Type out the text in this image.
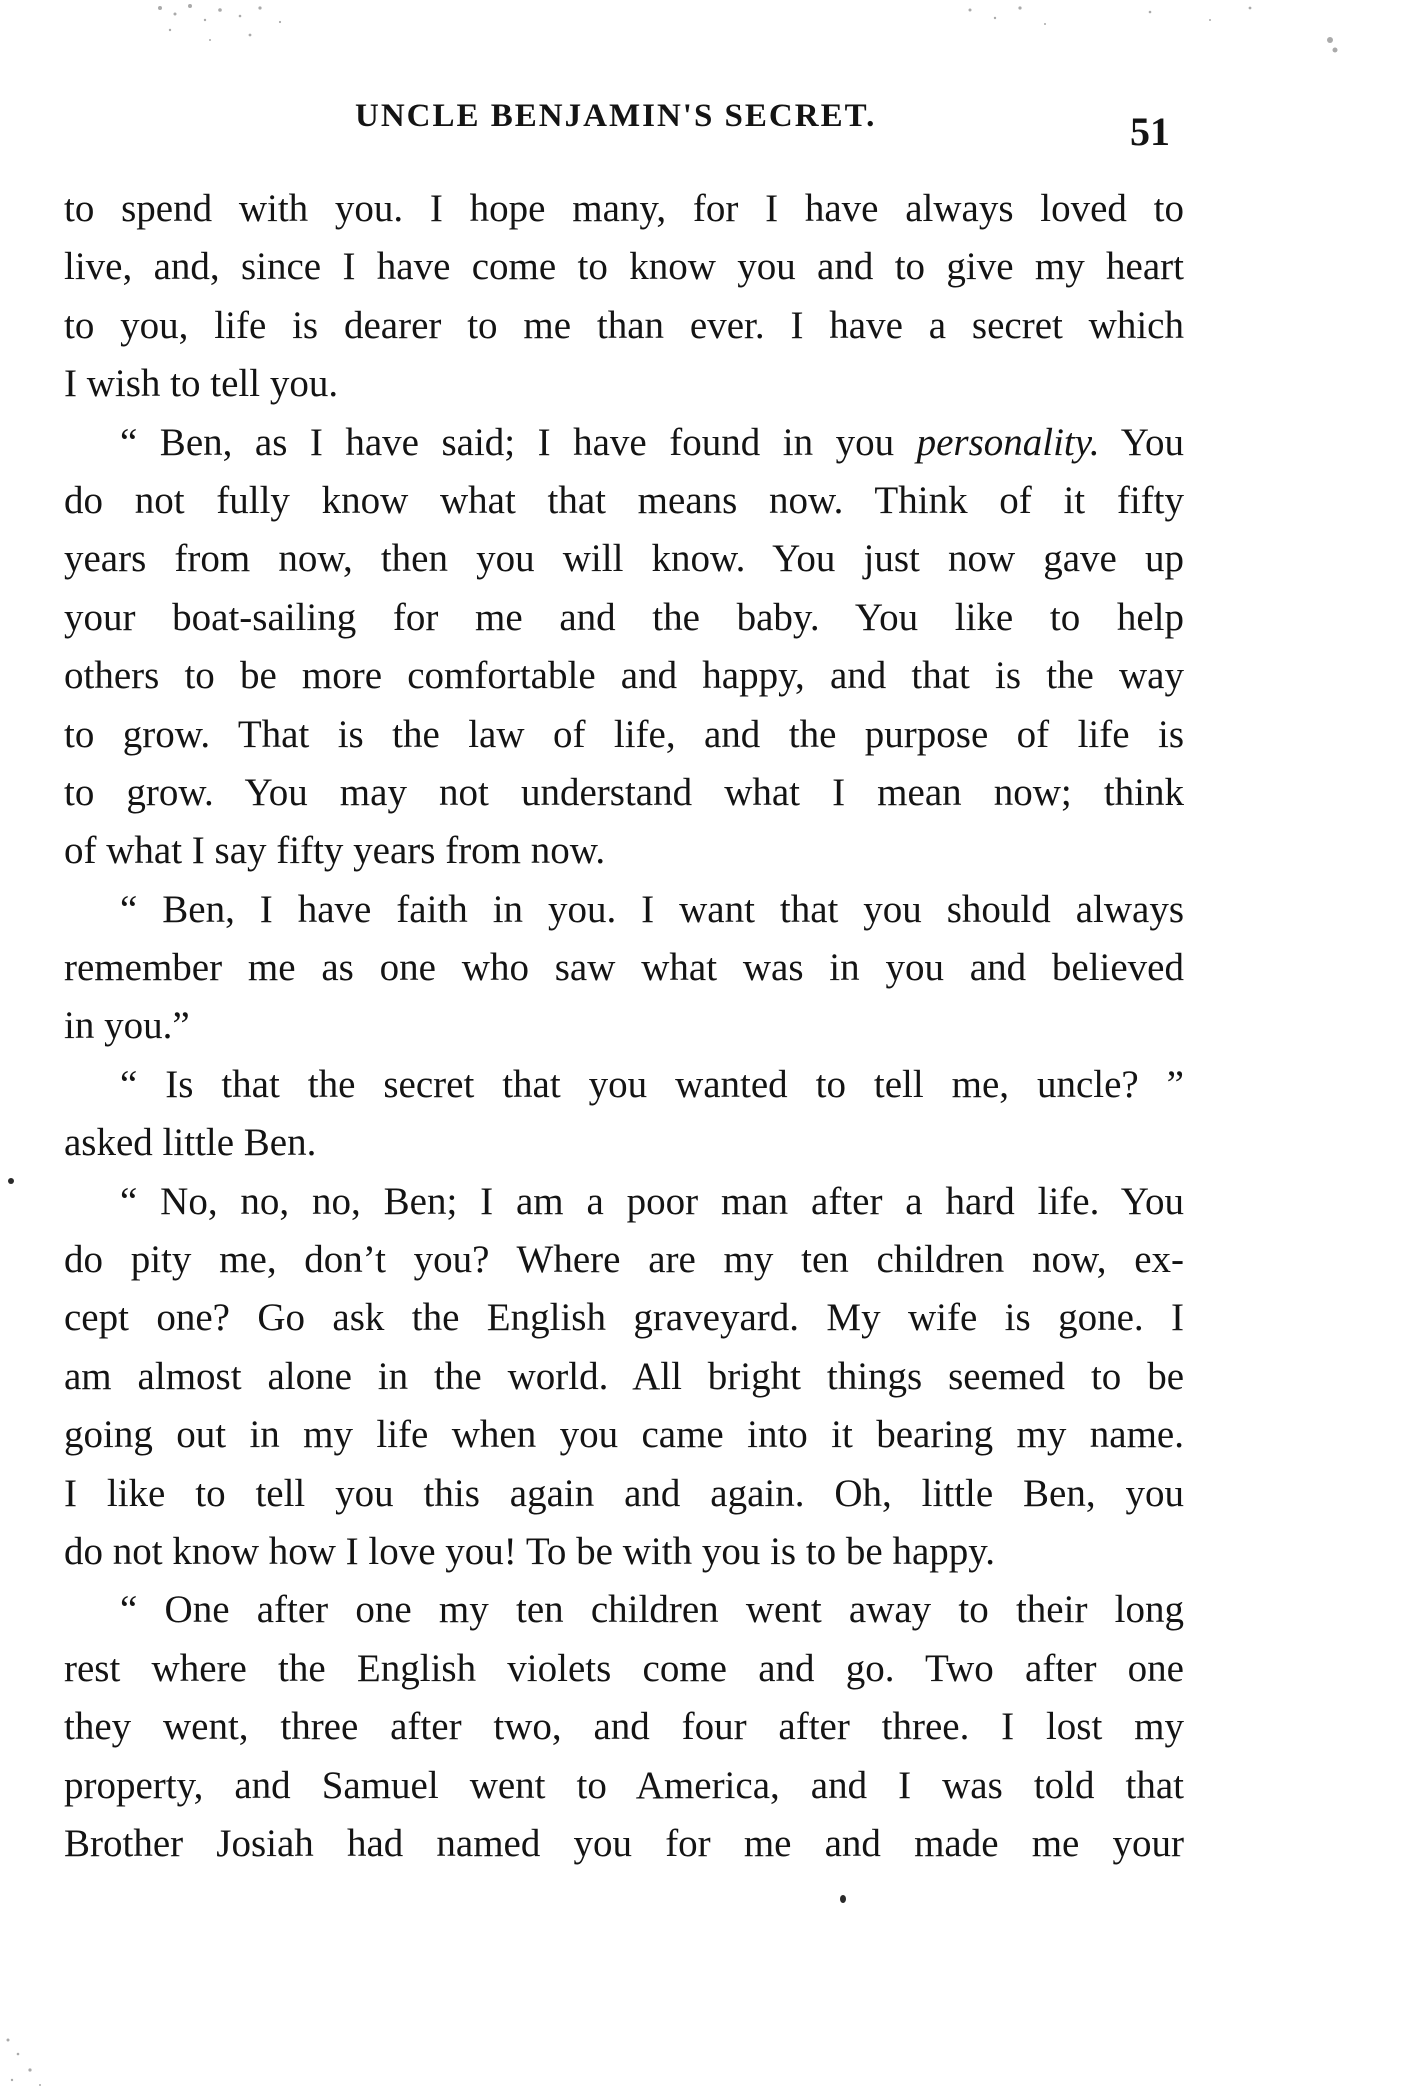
UNCLE BENJAMIN'S SECRET.	51
to spend with you. I hope many, for I have always loved to
live, and, since I have come to know you and to give my heart
to you, life is dearer to me than ever. I have a secret which
I wish to tell you.
“ Ben, as I have said; I have found in you personality. You
do not fully know what that means now. Think of it fifty
years from now, then you will know. You just now gave up
your boat-sailing for me and the baby. You like to help
others to be more comfortable and happy, and that is the way
to grow. That is the law of life, and the purpose of life is
to grow. You may not understand what I mean now; think
of what I say fifty years from now.
“ Ben, I have faith in you. I want that you should always
remember me as one who saw what was in you and believed
in you.”
“ Is that the secret that you wanted to tell me, uncle? ”
asked little Ben.
“ No, no, no, Ben; I am a poor man after a hard life. You
do pity me, don’t you? Where are my ten children now, ex-
cept one? Go ask the English graveyard. My wife is gone. I
am almost alone in the world. All bright things seemed to be
going out in my life when you came into it bearing my name.
I like to tell you this again and again. Oh, little Ben, you
do not know how I love you! To be with you is to be happy.
“ One after one my ten children went away to their long
rest where the English violets come and go. Two after one
they went, three after two, and four after three. I lost my
property, and Samuel went to America, and I was told that
Brother Josiah had named you for me and made me your
